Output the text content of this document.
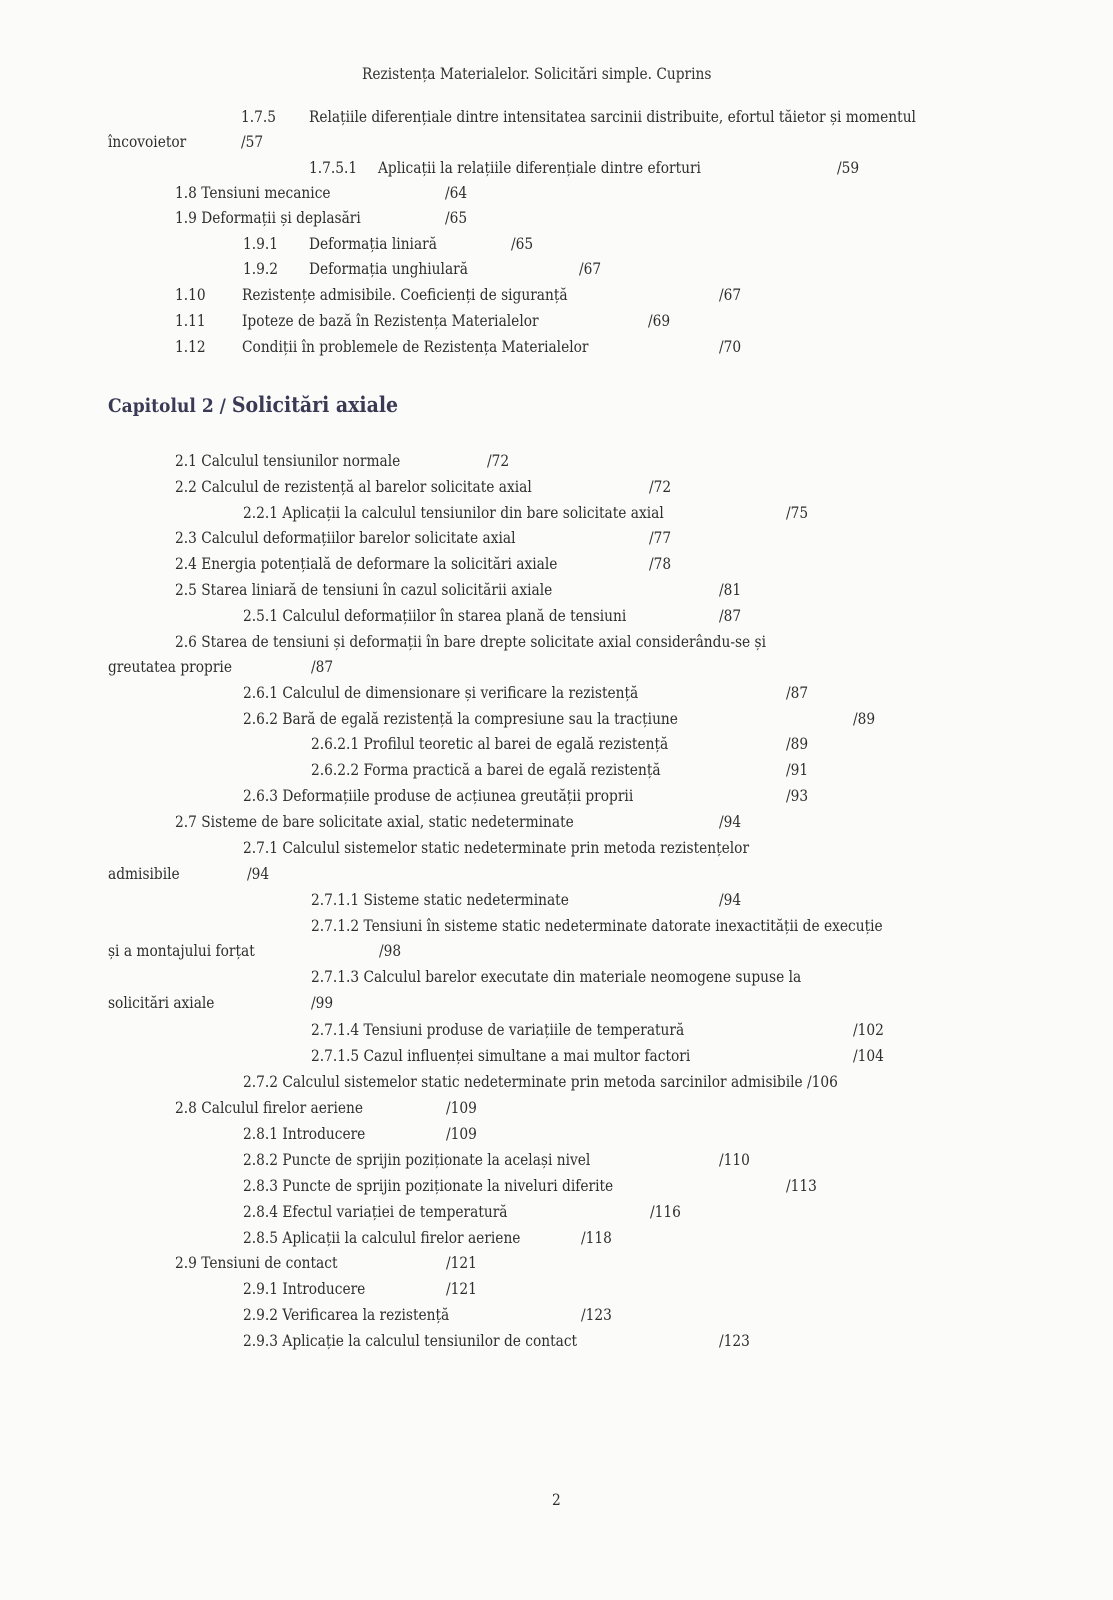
Rezistența Materialelor. Solicitări simple. Cuprins
1.7.5 Relațiile diferențiale dintre intensitatea sarcinii distribuite, efortul tăietor și momentul
încovoietor	/57
1.7.5.1 Aplicații la relațiile diferențiale dintre eforturi	/59
1.8 Tensiuni mecanice	/64
1.9 Deformații și deplasări	/65
1.9.1 Deformația liniară	/65
1.9.2 Deformația unghiulară	/67
1.10 Rezistențe admisibile. Coeficienți de siguranță	/67
1.11 Ipoteze de bază în Rezistența Materialelor	/69
1.12 Condiții în problemele de Rezistența Materialelor	/70
Capitolul 2 / Solicitări axiale
2.1 Calculul tensiunilor normale	/72
2.2 Calculul de rezistență al barelor solicitate axial	/72
2.2.1 Aplicații la calculul tensiunilor din bare solicitate axial	/75
2.3 Calculul deformațiilor barelor solicitate axial	/77
2.4 Energia potențială de deformare la solicitări axiale	/78
2.5 Starea liniară de tensiuni în cazul solicitării axiale	/81
2.5.1 Calculul deformațiilor în starea plană de tensiuni	/87
2.6 Starea de tensiuni și deformații în bare drepte solicitate axial considerându-se și
greutatea proprie	/87
2.6.1 Calculul de dimensionare și verificare la rezistență	/87
2.6.2 Bară de egală rezistență la compresiune sau la tracțiune	/89
2.6.2.1 Profilul teoretic al barei de egală rezistență	/89
2.6.2.2 Forma practică a barei de egală rezistență	/91
2.6.3 Deformațiile produse de acțiunea greutății proprii	/93
2.7 Sisteme de bare solicitate axial, static nedeterminate	/94
2.7.1 Calculul sistemelor static nedeterminate prin metoda rezistențelor
admisibile	/94
2.7.1.1 Sisteme static nedeterminate	/94
2.7.1.2 Tensiuni în sisteme static nedeterminate datorate inexactității de execuție
și a montajului forțat	/98
2.7.1.3 Calculul barelor executate din materiale neomogene supuse la
solicitări axiale	/99
2.7.1.4 Tensiuni produse de variațiile de temperatură	/102
2.7.1.5 Cazul influenței simultane a mai multor factori	/104
2.7.2 Calculul sistemelor static nedeterminate prin metoda sarcinilor admisibile /106
2.8 Calculul firelor aeriene	/109
2.8.1 Introducere	/109
2.8.2 Puncte de sprijin poziționate la același nivel	/110
2.8.3 Puncte de sprijin poziționate la niveluri diferite	/113
2.8.4 Efectul variației de temperatură	/116
2.8.5 Aplicații la calculul firelor aeriene	/118
2.9 Tensiuni de contact	/121
2.9.1 Introducere	/121
2.9.2 Verificarea la rezistență	/123
2.9.3 Aplicație la calculul tensiunilor de contact	/123
2
